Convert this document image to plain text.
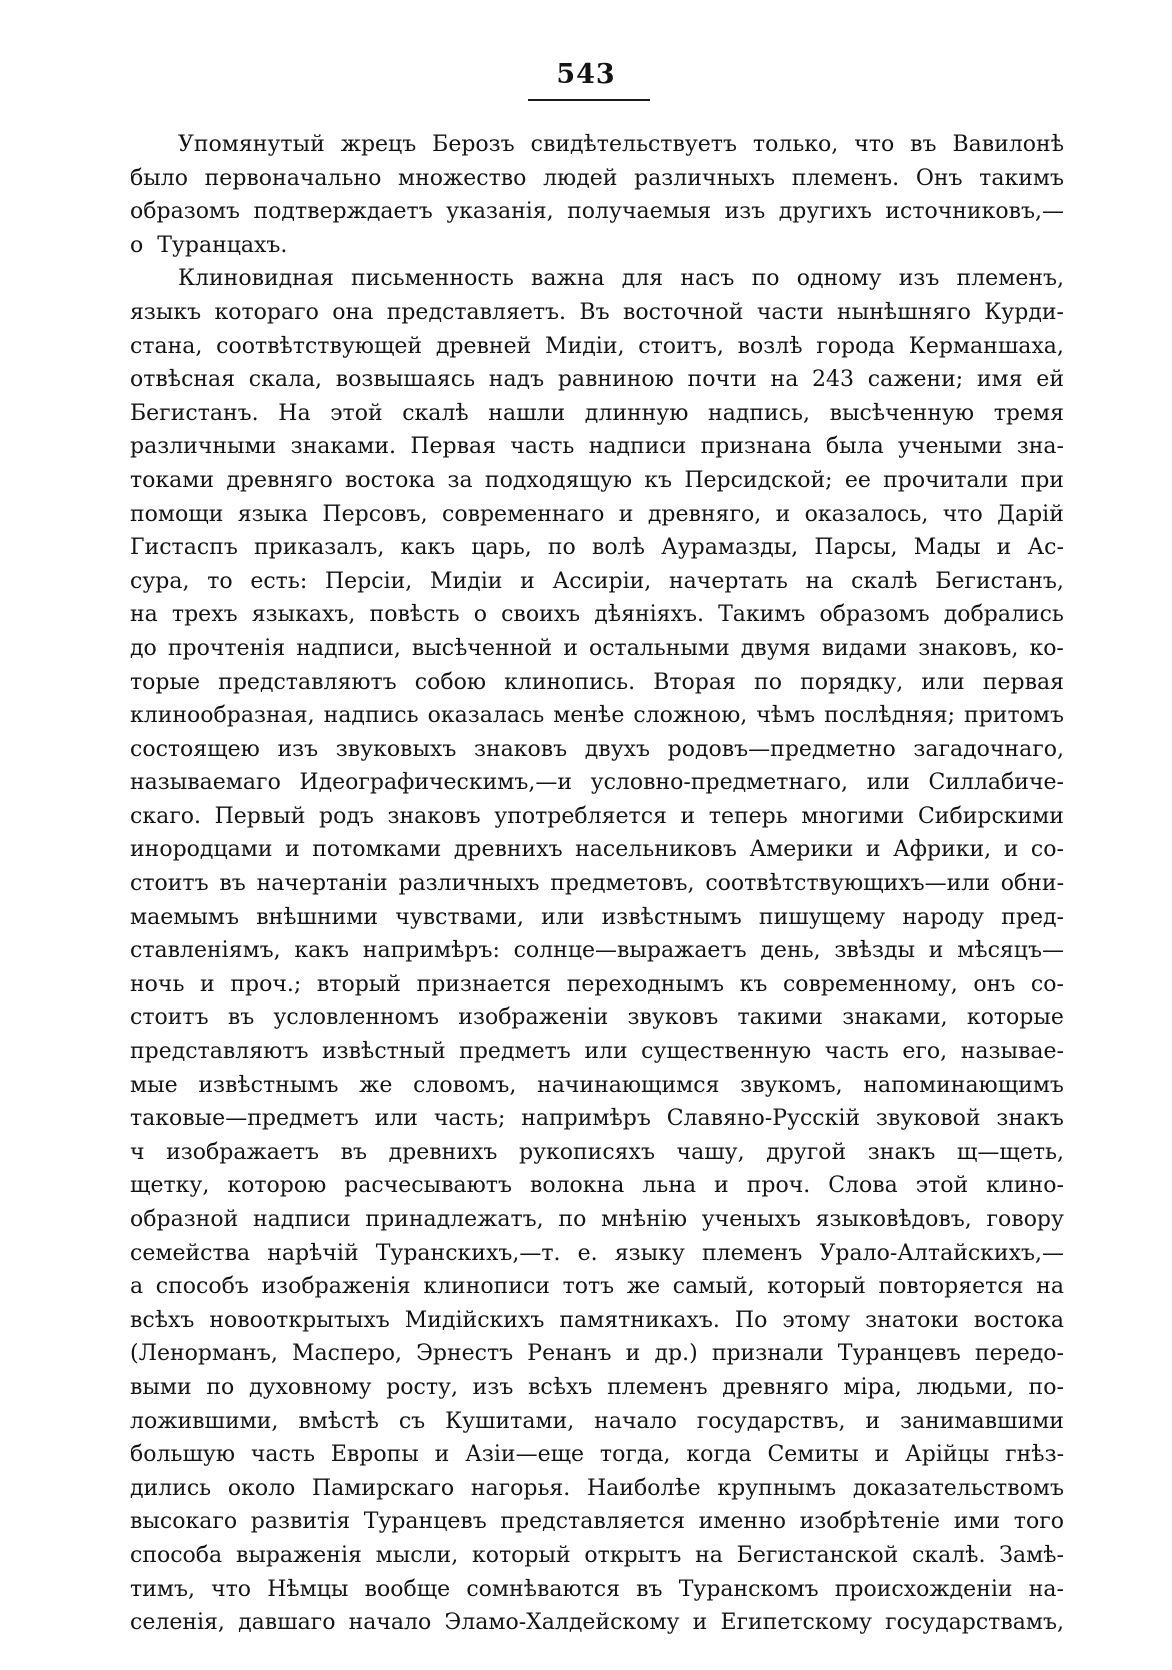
543
Упомянутый жрецъ Берозъ свидѣтельствуетъ только, что въ Вавилонѣ
было первоначально множество людей различныхъ племенъ. Онъ такимъ
образомъ подтверждаетъ указанія, получаемыя изъ другихъ источниковъ,—
о Туранцахъ.
Клиновидная письменность важна для насъ по одному изъ племенъ,
языкъ котораго она представляетъ. Въ восточной части нынѣшняго Курди-
стана, соотвѣтствующей древней Мидіи, стоитъ, возлѣ города Керманшаха,
отвѣсная скала, возвышаясь надъ равниною почти на 243 сажени; имя ей
Бегистанъ. На этой скалѣ нашли длинную надпись, высѣченную тремя
различными знаками. Первая часть надписи признана была учеными зна-
токами древняго востока за подходящую къ Персидской; ее прочитали при
помощи языка Персовъ, современнаго и древняго, и оказалось, что Дарій
Гистаспъ приказалъ, какъ царь, по волѣ Аурамазды, Парсы, Мады и Ас-
сура, то есть: Персіи, Мидіи и Ассиріи, начертать на скалѣ Бегистанъ,
на трехъ языкахъ, повѣсть о своихъ дѣяніяхъ. Такимъ образомъ добрались
до прочтенія надписи, высѣченной и остальными двумя видами знаковъ, ко-
торые представляютъ собою клинопись. Вторая по порядку, или первая
клинообразная, надпись оказалась менѣе сложною, чѣмъ послѣдняя; притомъ
состоящею изъ звуковыхъ знаковъ двухъ родовъ—предметно загадочнаго,
называемаго Идеографическимъ,—и условно-предметнаго, или Силлабиче-
скаго. Первый родъ знаковъ употребляется и теперь многими Сибирскими
инородцами и потомками древнихъ насельниковъ Америки и Африки, и со-
стоитъ въ начертаніи различныхъ предметовъ, соотвѣтствующихъ—или обни-
маемымъ внѣшними чувствами, или извѣстнымъ пишущему народу пред-
ставленіямъ, какъ напримѣръ: солнце—выражаетъ день, звѣзды и мѣсяцъ—
ночь и проч.; вторый признается переходнымъ къ современному, онъ со-
стоитъ въ условленномъ изображеніи звуковъ такими знаками, которые
представляютъ извѣстный предметъ или существенную часть его, называе-
мые извѣстнымъ же словомъ, начинающимся звукомъ, напоминающимъ
таковые—предметъ или часть; напримѣръ Славяно-Русскій звуковой знакъ
ч изображаетъ въ древнихъ рукописяхъ чашу, другой знакъ щ—щеть,
щетку, которою расчесываютъ волокна льна и проч. Слова этой клино-
образной надписи принадлежатъ, по мнѣнію ученыхъ языковѣдовъ, говору
семейства нарѣчій Туранскихъ,—т. е. языку племенъ Урало-Алтайскихъ,—
а способъ изображенія клинописи тотъ же самый, который повторяется на
всѣхъ новооткрытыхъ Мидійскихъ памятникахъ. По этому знатоки востока
(Ленорманъ, Масперо, Эрнестъ Ренанъ и др.) признали Туранцевъ передо-
выми по духовному росту, изъ всѣхъ племенъ древняго міра, людьми, по-
ложившими, вмѣстѣ съ Кушитами, начало государствъ, и занимавшими
большую часть Европы и Азіи—еще тогда, когда Семиты и Арійцы гнѣз-
дились около Памирскаго нагорья. Наиболѣе крупнымъ доказательствомъ
высокаго развитія Туранцевъ представляется именно изобрѣтеніе ими того
способа выраженія мысли, который открытъ на Бегистанской скалѣ. Замѣ-
тимъ, что Нѣмцы вообще сомнѣваются въ Туранскомъ происхожденіи на-
селенія, давшаго начало Эламо-Халдейскому и Египетскому государствамъ,
